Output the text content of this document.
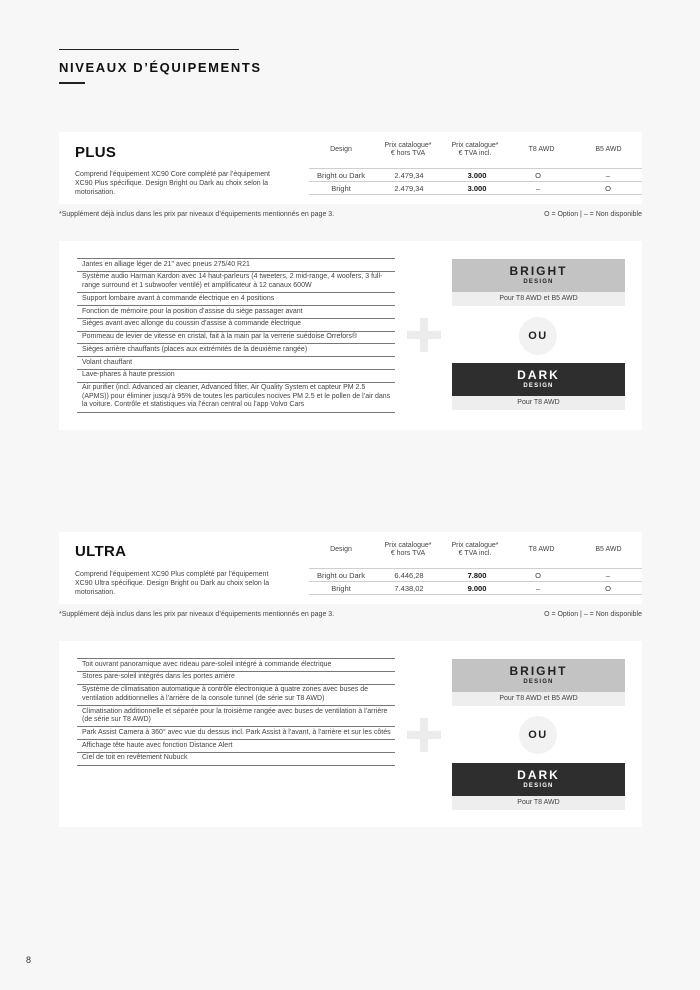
NIVEAUX D’ÉQUIPEMENTS
PLUS	Design
Prix catalogue*
€ hors TVA
Prix catalogue*
€ TVA incl.
T8 AWD	B5 AWD
Comprend l’équipement XC90 Core complété par l’équipement XC90 Plus spécifique. Design Bright ou Dark au choix selon la motorisation.
Bright ou Dark	2.479,34	3.000	O	–
Bright	2.479,34	3.000	–	O
*Supplément déjà inclus dans les prix par niveaux d’équipements mentionnés en page 3.	O = Option | – = Non disponible
Jantes en alliage léger de 21" avec pneus 275/40 R21
Système audio Harman Kardon avec 14 haut-parleurs (4 tweeters, 2 mid-range, 4 woofers, 3 full-range surround et 1 subwoofer ventilé) et amplificateur à 12 canaux 600W
Support lombaire avant à commande électrique en 4 positions
Fonction de mémoire pour la position d’assise du siège passager avant
Sièges avant avec allonge du coussin d’assise à commande électrique
Pommeau de levier de vitesse en cristal, fait à la main par la verrerie suédoise Orrefors®
Sièges arrière chauffants (places aux extrémités de la deuxième rangée)
Volant chauffant
Lave-phares à haute pression
Air purifier (incl. Advanced air cleaner, Advanced filter, Air Quality System et capteur PM 2.5 (APMS)) pour éliminer jusqu’à 95% de toutes les particules nocives PM 2.5 et le pollen de l’air dans la voiture. Contrôle et statistiques via l’écran central ou l’app Volvo Cars
BRIGHT
DESIGN
Pour T8 AWD et B5 AWD
OU
DARK
DESIGN
Pour T8 AWD
ULTRA	Design
Prix catalogue*
€ hors TVA
Prix catalogue*
€ TVA incl.
T8 AWD	B5 AWD
Comprend l’équipement XC90 Plus complété par l’équipement XC90 Ultra spécifique. Design Bright ou Dark au choix selon la motorisation.
Bright ou Dark	6.446,28	7.800	O	–
Bright	7.438,02	9.000	–	O
*Supplément déjà inclus dans les prix par niveaux d’équipements mentionnés en page 3.	O = Option | – = Non disponible
Toit ouvrant panoramique avec rideau pare-soleil intégré à commande électrique
Stores pare-soleil intégrés dans les portes arrière
Système de climatisation automatique à contrôle électronique à quatre zones avec buses de ventilation additionnelles à l’arrière de la console tunnel (de série sur T8 AWD)
Climatisation additionnelle et séparée pour la troisième rangée avec buses de ventilation à l’arrière (de série sur T8 AWD)
Park Assist Camera à 360° avec vue du dessus incl. Park Assist à l’avant, à l’arrière et sur les côtés
Affichage tête haute avec fonction Distance Alert
Ciel de toit en revêtement Nubuck
BRIGHT
DESIGN
Pour T8 AWD et B5 AWD
OU
DARK
DESIGN
Pour T8 AWD
8
